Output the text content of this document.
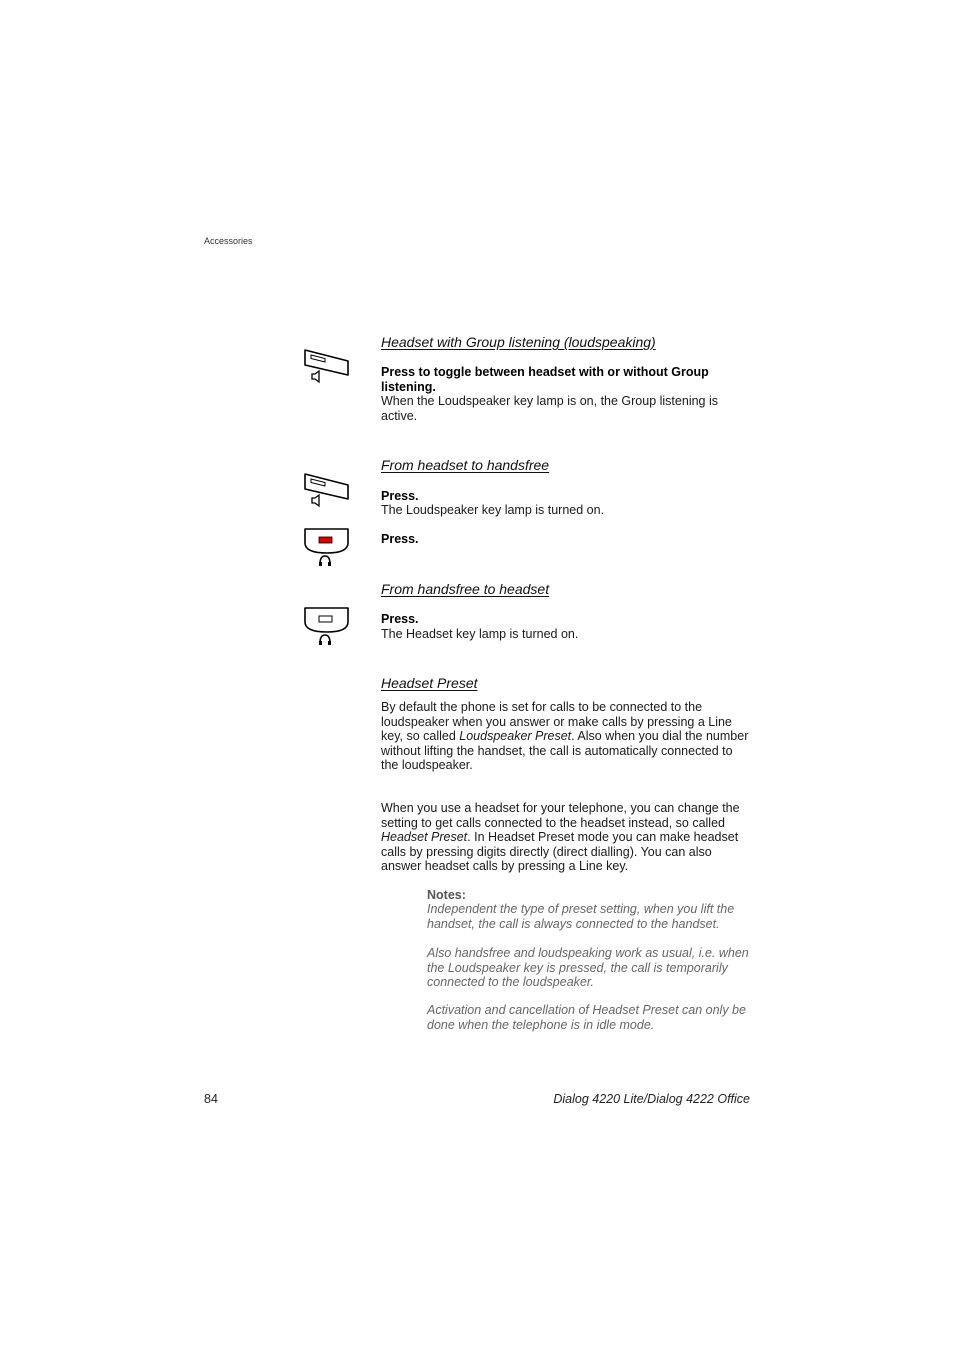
Accessories
Headset with Group listening (loudspeaking)
Press to toggle between headset with or without Group listening.
When the Loudspeaker key lamp is on, the Group listening is active.
From headset to handsfree
Press.
The Loudspeaker key lamp is turned on.
Press.
From handsfree to headset
Press.
The Headset key lamp is turned on.
Headset Preset
By default the phone is set for calls to be connected to the loudspeaker when you answer or make calls by pressing a Line key, so called Loudspeaker Preset. Also when you dial the number without lifting the handset, the call is automatically connected to the loudspeaker.
When you use a headset for your telephone, you can change the setting to get calls connected to the headset instead, so called Headset Preset. In Headset Preset mode you can make headset calls by pressing digits directly (direct dialling). You can also answer headset calls by pressing a Line key.
Notes:
Independent the type of preset setting, when you lift the handset, the call is always connected to the handset.
Also handsfree and loudspeaking work as usual, i.e. when the Loudspeaker key is pressed, the call is temporarily connected to the loudspeaker.
Activation and cancellation of Headset Preset can only be done when the telephone is in idle mode.
84	Dialog 4220 Lite/Dialog 4222 Office
